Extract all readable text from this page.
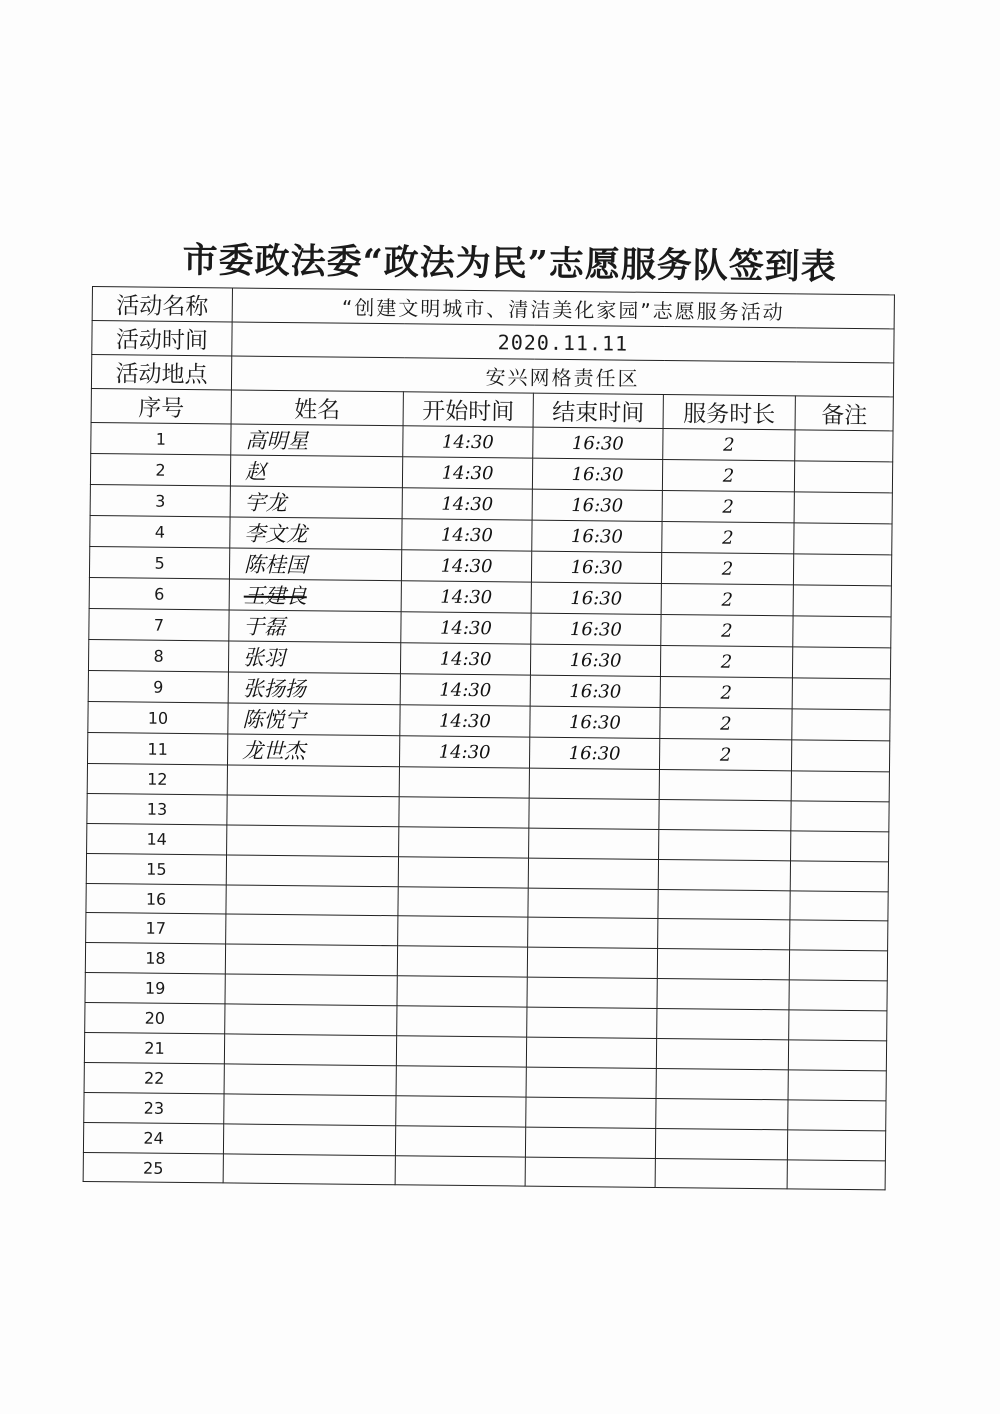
市委政法委“政法为民”志愿服务队签到表
活动名称	“创建文明城市、清洁美化家园”志愿服务活动				
活动时间	2020.11.11				
活动地点	安兴网格责任区				
序号	姓名	开始时间	结束时间	服务时长	备注
1	高明星	14:30	16:30	2	
2	赵	14:30	16:30	2	
3	宇龙	14:30	16:30	2	
4	李文龙	14:30	16:30	2	
5	陈桂国	14:30	16:30	2	
6	王建良	14:30	16:30	2	
7	于磊	14:30	16:30	2	
8	张羽	14:30	16:30	2	
9	张扬扬	14:30	16:30	2	
10	陈悦宁	14:30	16:30	2	
11	龙世杰	14:30	16:30	2	
12					
13					
14					
15					
16					
17					
18					
19					
20					
21					
22					
23					
24					
25					
